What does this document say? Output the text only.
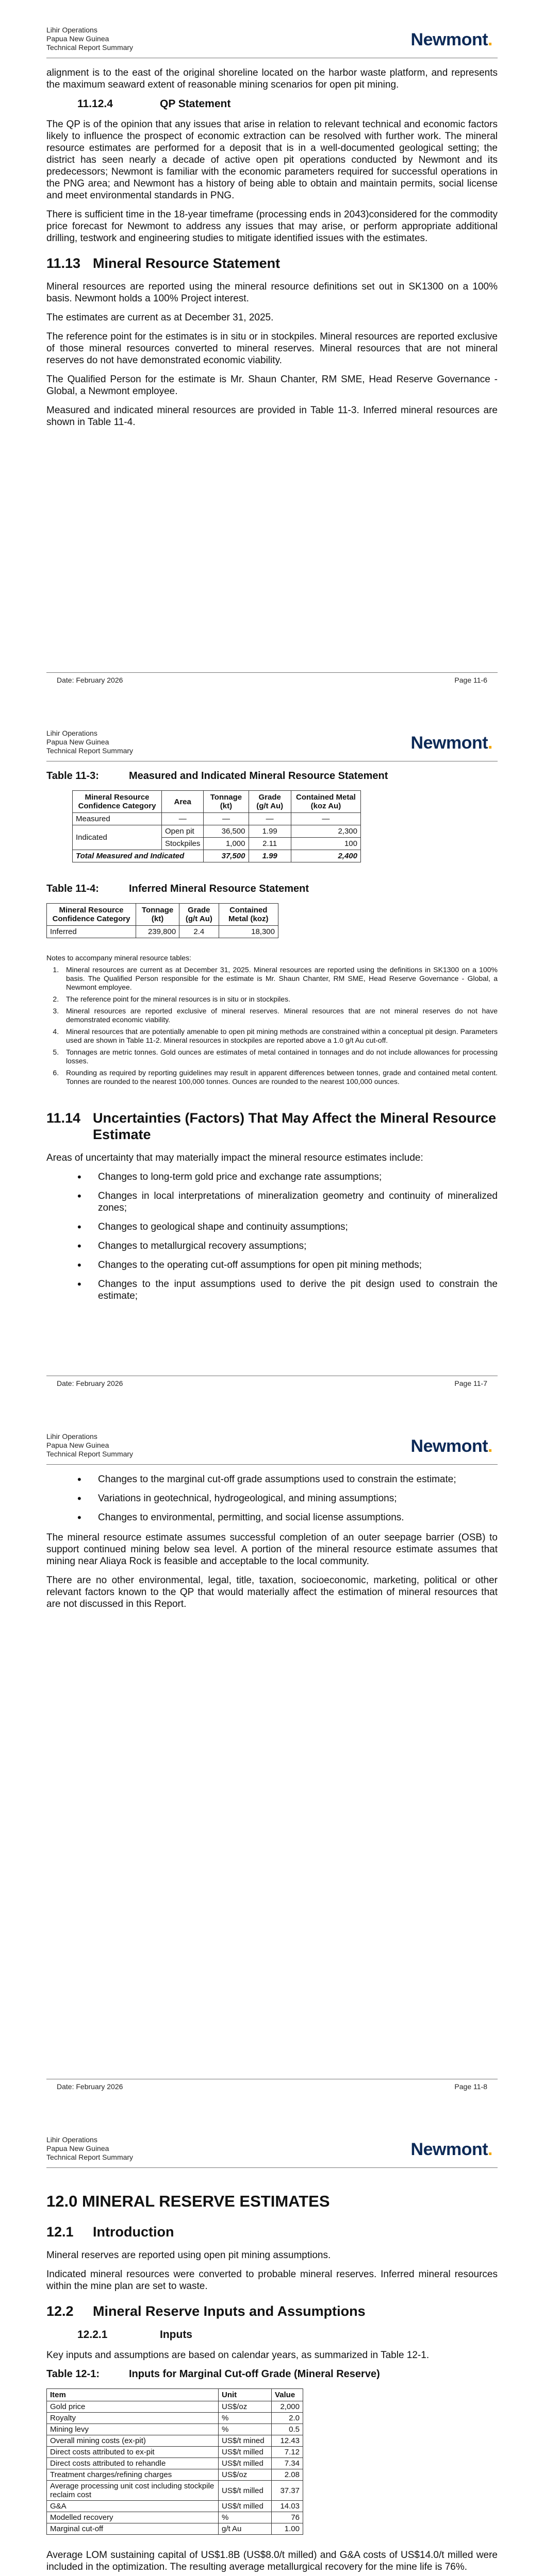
Lihir Operations
Papua New Guinea
Technical Report Summary	Newmont.

alignment is to the east of the original shoreline located on the harbor waste platform, and represents the maximum seaward extent of reasonable mining scenarios for open pit mining.

11.12.4	QP Statement

The QP is of the opinion that any issues that arise in relation to relevant technical and economic factors likely to influence the prospect of economic extraction can be resolved with further work. The mineral resource estimates are performed for a deposit that is in a well-documented geological setting; the district has seen nearly a decade of active open pit operations conducted by Newmont and its predecessors; Newmont is familiar with the economic parameters required for successful operations in the PNG area; and Newmont has a history of being able to obtain and maintain permits, social license and meet environmental standards in PNG.

There is sufficient time in the 18-year timeframe (processing ends in 2043)considered for the commodity price forecast for Newmont to address any issues that may arise, or perform appropriate additional drilling, testwork and engineering studies to mitigate identified issues with the estimates.

11.13 Mineral Resource Statement

Mineral resources are reported using the mineral resource definitions set out in SK1300 on a 100% basis. Newmont holds a 100% Project interest.

The estimates are current as at December 31, 2025.

The reference point for the estimates is in situ or in stockpiles. Mineral resources are reported exclusive of those mineral resources converted to mineral reserves. Mineral resources that are not mineral reserves do not have demonstrated economic viability.

The Qualified Person for the estimate is Mr. Shaun Chanter, RM SME, Head Reserve Governance - Global, a Newmont employee.

Measured and indicated mineral resources are provided in Table 11-3. Inferred mineral resources are shown in Table 11-4.

Date: February 2026	Page 11-6
Lihir Operations
Papua New Guinea
Technical Report Summary	Newmont.
Table 11-3:	Measured and Indicated Mineral Resource Statement
Mineral Resource Confidence Category	Area	Tonnage (kt)	Grade (g/t Au)	Contained Metal (koz Au)
Measured	—	—	—	—
Indicated	Open pit	36,500	1.99	2,300
	Stockpiles	1,000	2.11	100
Total Measured and Indicated		37,500	1.99	2,400
Table 11-4:	Inferred Mineral Resource Statement
Mineral Resource Confidence Category	Tonnage (kt)	Grade (g/t Au)	Contained Metal (koz)
Inferred	239,800	2.4	18,300
Notes to accompany mineral resource tables:
1. Mineral resources are current as at December 31, 2025. Mineral resources are reported using the definitions in SK1300 on a 100% basis. The Qualified Person responsible for the estimate is Mr. Shaun Chanter, RM SME, Head Reserve Governance - Global, a Newmont employee.
2. The reference point for the mineral resources is in situ or in stockpiles.
3. Mineral resources are reported exclusive of mineral reserves. Mineral resources that are not mineral reserves do not have demonstrated economic viability.
4. Mineral resources that are potentially amenable to open pit mining methods are constrained within a conceptual pit design. Parameters used are shown in Table 11-2. Mineral resources in stockpiles are reported above a 1.0 g/t Au cut-off.
5. Tonnages are metric tonnes. Gold ounces are estimates of metal contained in tonnages and do not include allowances for processing losses.
6. Rounding as required by reporting guidelines may result in apparent differences between tonnes, grade and contained metal content. Tonnes are rounded to the nearest 100,000 tonnes. Ounces are rounded to the nearest 100,000 ounces.
11.14 Uncertainties (Factors) That May Affect the Mineral Resource
Estimate

Areas of uncertainty that may materially impact the mineral resource estimates include:

• Changes to long-term gold price and exchange rate assumptions;
• Changes in local interpretations of mineralization geometry and continuity of mineralized zones;
• Changes to geological shape and continuity assumptions;
• Changes to metallurgical recovery assumptions;
• Changes to the operating cut-off assumptions for open pit mining methods;
• Changes to the input assumptions used to derive the pit design used to constrain the estimate;
Date: February 2026	Page 11-7
Lihir Operations
Papua New Guinea
Technical Report Summary	Newmont.
• Changes to the marginal cut-off grade assumptions used to constrain the estimate;
• Variations in geotechnical, hydrogeological, and mining assumptions;
• Changes to environmental, permitting, and social license assumptions.

The mineral resource estimate assumes successful completion of an outer seepage barrier (OSB) to support continued mining below sea level. A portion of the mineral resource estimate assumes that mining near Aliaya Rock is feasible and acceptable to the local community.

There are no other environmental, legal, title, taxation, socioeconomic, marketing, political or other relevant factors known to the QP that would materially affect the estimation of mineral resources that are not discussed in this Report.

Date: February 2026	Page 11-8
Lihir Operations
Papua New Guinea
Technical Report Summary	Newmont.
12.0 MINERAL RESERVE ESTIMATES
12.1 Introduction

Mineral reserves are reported using open pit mining assumptions.

Indicated mineral resources were converted to probable mineral reserves. Inferred mineral resources within the mine plan are set to waste.

12.2 Mineral Reserve Inputs and Assumptions
12.2.1	Inputs

Key inputs and assumptions are based on calendar years, as summarized in Table 12-1.

Table 12-1:	Inputs for Marginal Cut-off Grade (Mineral Reserve)
Item	Unit	Value
Gold price	US$/oz	2,000
Royalty	%	2.0
Mining levy	%	0.5
Overall mining costs (ex-pit)	US$/t mined	12.43
Direct costs attributed to ex-pit	US$/t milled	7.12
Direct costs attributed to rehandle	US$/t milled	7.34
Treatment charges/refining charges	US$/oz	2.08
Average processing unit cost including stockpile reclaim cost	US$/t milled	37.37
G&A	US$/t milled	14.03
Modelled recovery	%	76
Marginal cut-off	g/t Au	1.00

Average LOM sustaining capital of US$1.8B (US$8.0/t milled) and G&A costs of US$14.0/t milled were included in the optimization. The resulting average metallurgical recovery for the mine life is 76%.
